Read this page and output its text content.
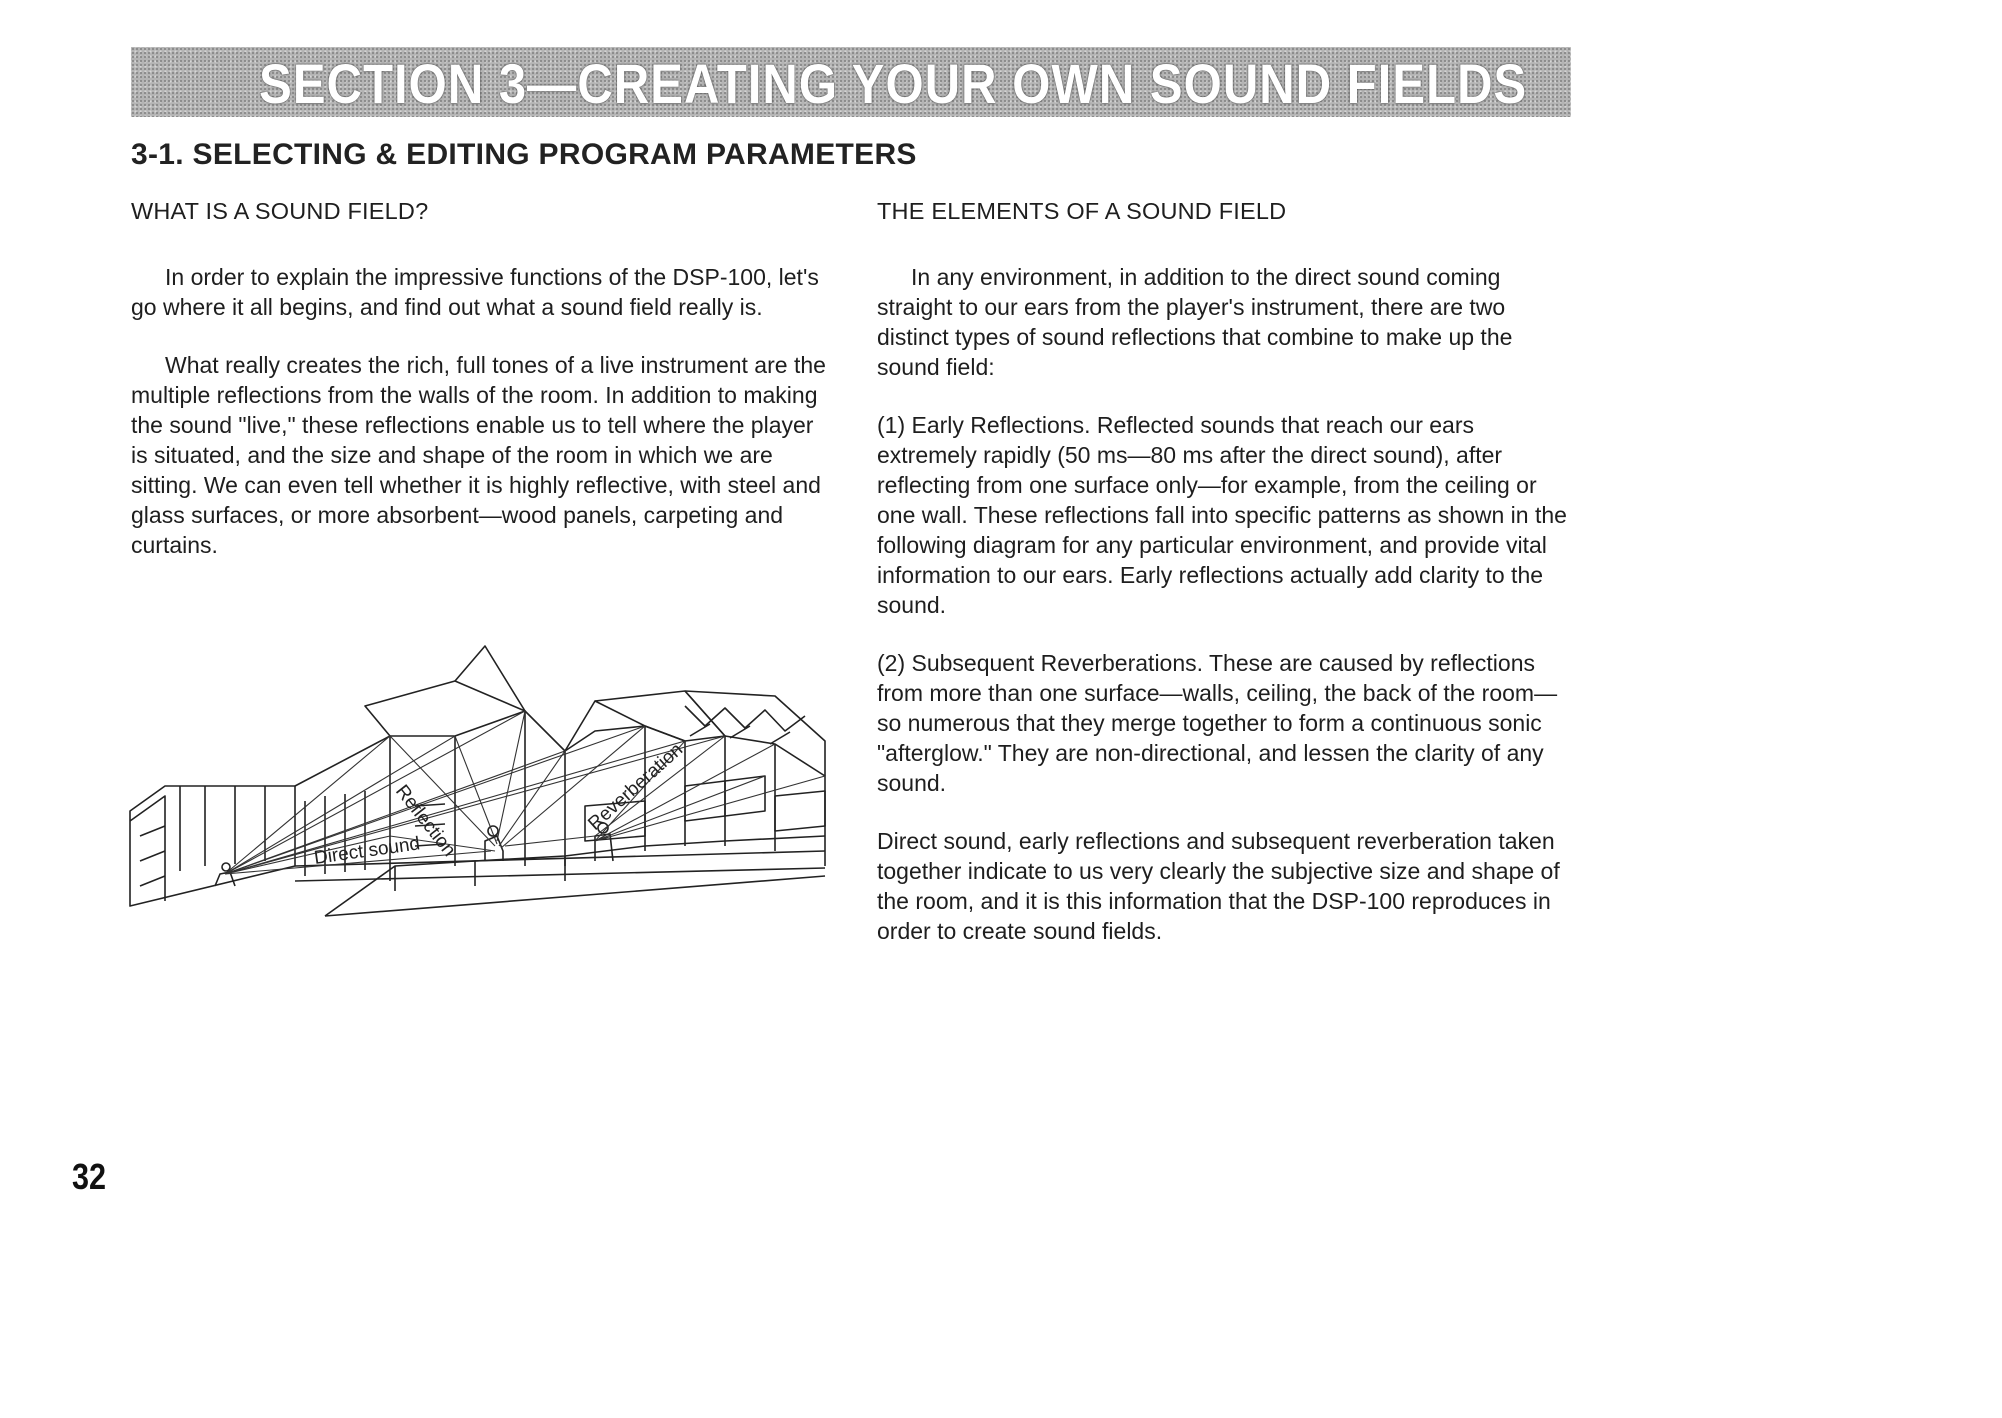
SECTION 3—CREATING YOUR OWN SOUND FIELDS
3-1. SELECTING & EDITING PROGRAM PARAMETERS
WHAT IS A SOUND FIELD?

In order to explain the impressive functions of the DSP-100, let's go where it all begins, and find out what a sound field really is.

What really creates the rich, full tones of a live instrument are the multiple reflections from the walls of the room. In addition to making the sound "live," these reflections enable us to tell where the player is situated, and the size and shape of the room in which we are sitting. We can even tell whether it is highly reflective, with steel and glass surfaces, or more absorbent—wood panels, carpeting and curtains.

Direct sound
Reflection	Reverberation
THE ELEMENTS OF A SOUND FIELD

In any environment, in addition to the direct sound coming straight to our ears from the player's instrument, there are two distinct types of sound reflections that combine to make up the sound field:

(1) Early Reflections. Reflected sounds that reach our ears extremely rapidly (50 ms—80 ms after the direct sound), after reflecting from one surface only—for example, from the ceiling or one wall. These reflections fall into specific patterns as shown in the following diagram for any particular environment, and provide vital information to our ears. Early reflections actually add clarity to the sound.

(2) Subsequent Reverberations. These are caused by reflections from more than one surface—walls, ceiling, the back of the room—so numerous that they merge together to form a continuous sonic "afterglow." They are non-directional, and lessen the clarity of any sound.

Direct sound, early reflections and subsequent reverberation taken together indicate to us very clearly the subjective size and shape of the room, and it is this information that the DSP-100 reproduces in order to create sound fields.

32
